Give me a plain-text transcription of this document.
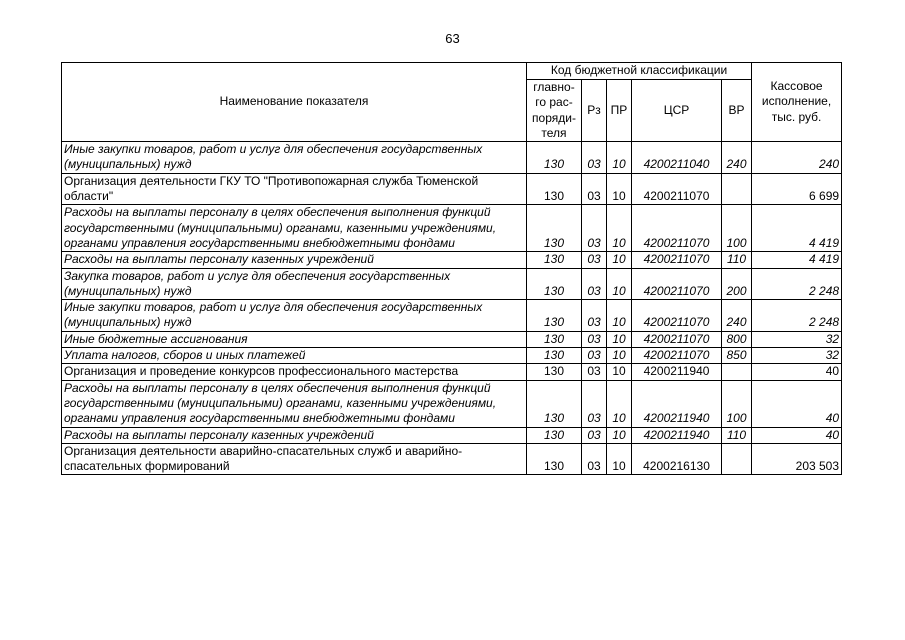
63
Наименование показателя	Код бюджетной классификации					Кассовое исполнение, тыс. руб.
	главно-го рас-поряди-теля	Рз	ПР	ЦСР	ВР	
Иные закупки товаров, работ и услуг для обеспечения государственных (муниципальных) нужд	130	03	10	4200211040	240	240
Организация деятельности ГКУ ТО "Противопожарная служба Тюменской области"	130	03	10	4200211070		6 699
Расходы на выплаты персоналу в целях обеспечения выполнения функций государственными (муниципальными) органами, казенными учреждениями, органами управления государственными внебюджетными фондами	130	03	10	4200211070	100	4 419
Расходы на выплаты персоналу казенных учреждений	130	03	10	4200211070	110	4 419
Закупка товаров, работ и услуг для обеспечения государственных (муниципальных) нужд	130	03	10	4200211070	200	2 248
Иные закупки товаров, работ и услуг для обеспечения государственных (муниципальных) нужд	130	03	10	4200211070	240	2 248
Иные бюджетные ассигнования	130	03	10	4200211070	800	32
Уплата налогов, сборов и иных платежей	130	03	10	4200211070	850	32
Организация и проведение конкурсов профессионального мастерства	130	03	10	4200211940		40
Расходы на выплаты персоналу в целях обеспечения выполнения функций государственными (муниципальными) органами, казенными учреждениями, органами управления государственными внебюджетными фондами	130	03	10	4200211940	100	40
Расходы на выплаты персоналу казенных учреждений	130	03	10	4200211940	110	40
Организация деятельности аварийно-спасательных служб и аварийно-спасательных формирований	130	03	10	4200216130		203 503
